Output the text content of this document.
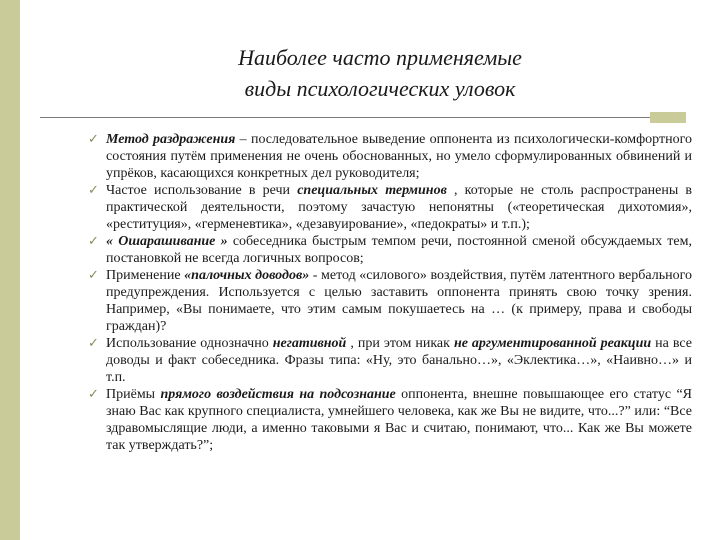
Наиболее часто применяемые
виды психологических уловок
✓ Метод раздражения – последовательное выведение оппонента из психологически-комфортного состояния путём применения не очень обоснованных, но умело сформулированных обвинений и упрёков, касающихся конкретных дел руководителя;
✓ Частое использование в речи специальных терминов , которые не столь распространены в практической деятельности, поэтому зачастую непонятны («теоретическая дихотомия», «реституция», «герменевтика», «дезавуирование», «педократы» и т.п.);
✓ « Ошарашивание » собеседника быстрым темпом речи, постоянной сменой обсуждаемых тем, постановкой не всегда логичных вопросов;
✓ Применение «палочных доводов» - метод «силового» воздействия, путём латентного вербального предупреждения. Используется с целью заставить оппонента принять свою точку зрения. Например, «Вы понимаете, что этим самым покушаетесь на … (к примеру, права и свободы граждан)?
✓ Использование однозначно негативной , при этом никак не аргументированной реакции на все доводы и факт собеседника. Фразы типа: «Ну, это банально…», «Эклектика…», «Наивно…» и т.п.
✓ Приёмы прямого воздействия на подсознание оппонента, внешне повышающее его статус “Я знаю Вас как крупного специалиста, умнейшего человека, как же Вы не видите, что...?” или: “Все здравомыслящие люди, а именно таковыми я Вас и считаю, понимают, что... Как же Вы можете так утверждать?”;
